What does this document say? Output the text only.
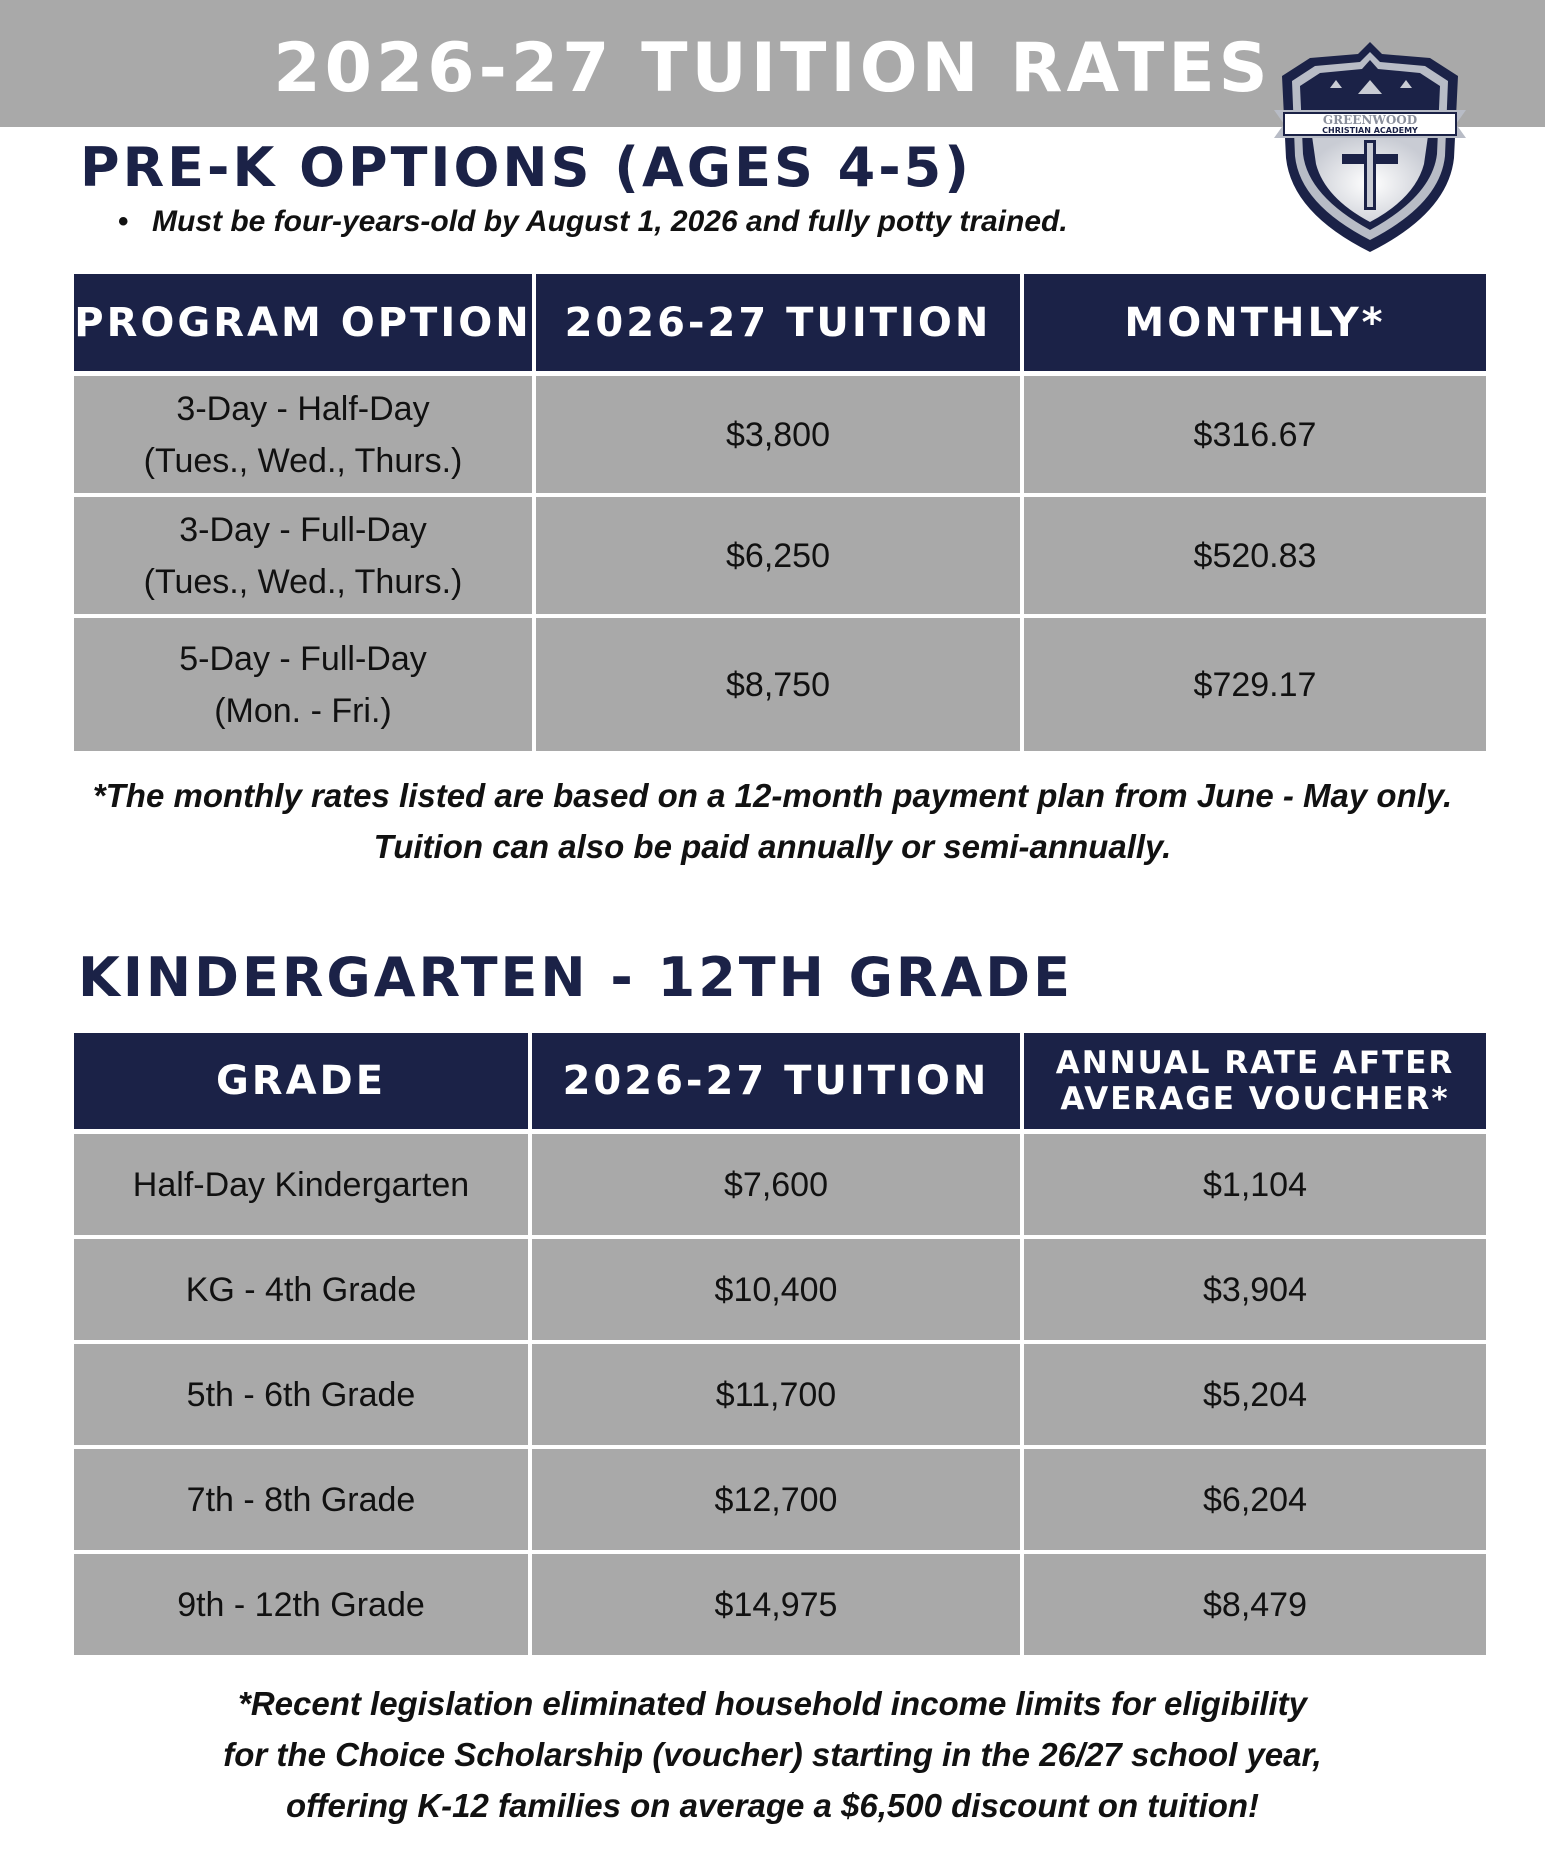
2026-27 TUITION RATES
GREENWOOD
CHRISTIAN ACADEMY
PRE-K OPTIONS (AGES 4-5)
• Must be four-years-old by August 1, 2026 and fully potty trained.
PROGRAM OPTION	2026-27 TUITION	MONTHLY*

3-Day - Half-Day
(Tues., Wed., Thurs.)	$3,800	$316.67

3-Day - Full-Day
(Tues., Wed., Thurs.)	$6,250	$520.83

5-Day - Full-Day
(Mon. - Fri.)	$8,750	$729.17

*The monthly rates listed are based on a 12-month payment plan from June - May only.
Tuition can also be paid annually or semi-annually.

KINDERGARTEN - 12TH GRADE
GRADE	2026-27 TUITION	ANNUAL RATE AFTER
AVERAGE VOUCHER*

Half-Day Kindergarten	$7,600	$1,104
KG - 4th Grade	$10,400	$3,904
5th - 6th Grade	$11,700	$5,204
7th - 8th Grade	$12,700	$6,204
9th - 12th Grade	$14,975	$8,479

*Recent legislation eliminated household income limits for eligibility
for the Choice Scholarship (voucher) starting in the 26/27 school year,
offering K-12 families on average a $6,500 discount on tuition!
